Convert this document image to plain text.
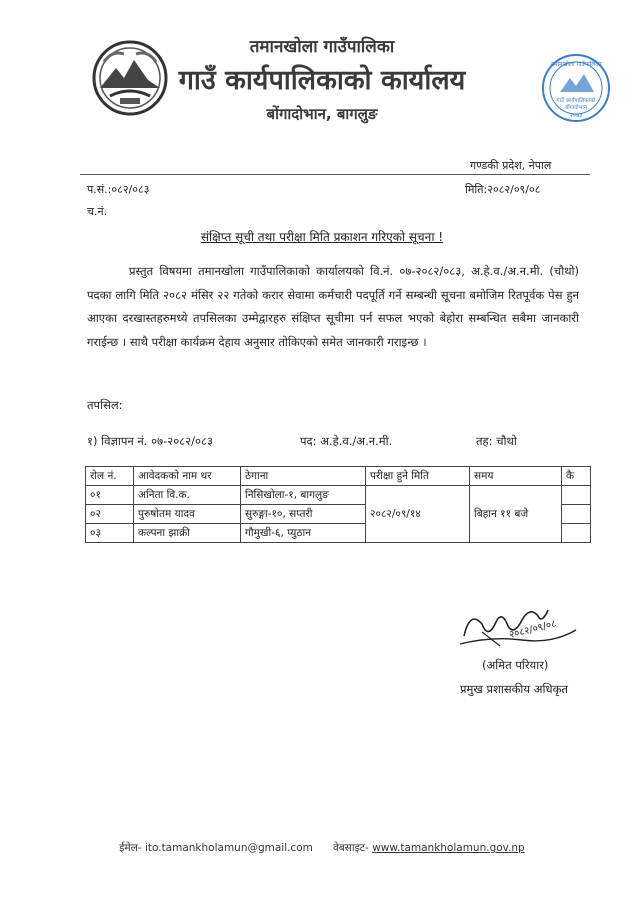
तमानखोला गाउँपालिका
गाउँ कार्यपालिकाको कार्यालय
बोंगादोभान, बागलुङ
तमानखोला गाउँपालिका
गाउँ कार्यपालिकाको
बोंगादोभान
२०७३
गण्डकी प्रदेश, नेपाल
प.सं.:०८२/०८३	मिति:२०८२/०९/०८
च.नं.
संक्षिप्त सूची तथा परीक्षा मिति प्रकाशन गरिएको सूचना !
प्रस्तुत विषयमा तमानखोला गाउँपालिकाको कार्यालयको वि.नं. ०७-२०८२/०८३, अ.हे.व./अ.न.मी. (चौथो) पदका लागि मिति २०८२ मंसिर २२ गतेको करार सेवामा कर्मचारी पदपूर्ति गर्ने सम्बन्धी सूचना बमोजिम रितपूर्वक पेस हुन आएका दरखास्तहरुमध्ये तपसिलका उम्मेद्वारहरु संक्षिप्त सूचीमा पर्न सफल भएको बेहोरा सम्बन्धित सबैमा जानकारी गराईन्छ । साथै परीक्षा कार्यक्रम देहाय अनुसार तोकिएको समेत जानकारी गराइन्छ ।
तपसिल:
१) विज्ञापन नं. ०७-२०८२/०८३	पद: अ.हे.व./अ.न.मी.	तह: चौथो
रोल नं.	आवेदकको नाम थर	ठेगाना	परीक्षा हुने मिति	समय	कै
०१	अनिता वि.क.	निसिखोला-१, बागलुङ	२०८२/०९/१४	बिहान ११ बजे	
०२	पुरुषोतम यादव	सुरुङ्गा-१०, सप्तरी			
०३	कल्पना झाक्री	गौमुखी-६, प्युठान			
२०८२/०९/०८
(अमित परियार)
प्रमुख प्रशासकीय अधिकृत
ईमेल- ito.tamankholamun@gmail.com वेबसाइट- www.tamankholamun.gov.np
